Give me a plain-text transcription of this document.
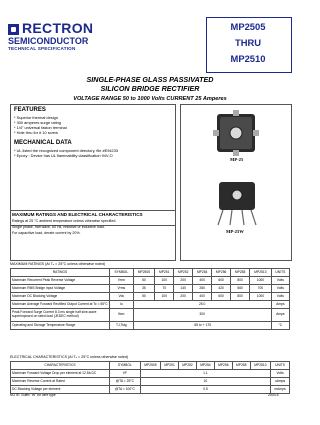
RECTRON
SEMICONDUCTOR
TECHNICAL SPECIFICATION
MP2505
THRU
MP2510
SINGLE-PHASE GLASS PASSIVATED
SILICON BRIDGE RECTIFIER
VOLTAGE RANGE 50 to 1000 Volts CURRENT 25 Amperes
FEATURES
* Superior thermal design
* 300 amperes surge rating
* 1/4" universal faston terminal
* Hole thru for # 10 screw
MECHANICAL DATA
* UL listed the recognized component directory, file #E94233
* Epoxy : Device has UL flammability classification 94V-O
MP-25
MP-25W
MAXIMUM RATINGS AND ELECTRICAL CHARACTERISTICS
Ratings at 25 °C ambient temperature unless otherwise specified.
Single phase, half wave, 60 Hz, resistive or inductive load.
For capacitive load, derate current by 20%.
MAXIMUM RATINGS (At Tₐ = 25°C unless otherwise noted)
RATINGS	SYMBOL	MP2505	MP251	MP252	MP254	MP256	MP258	MP2510	UNITS
Maximum Recurrent Peak Reverse Voltage	Vrrm	50	100	200	400	600	800	1000	Volts
Maximum RMS Bridge Input Voltage	Vrms	35	70	140	280	420	560	700	Volts
Maximum DC Blocking Voltage	Vdc	50	100	200	400	600	800	1000	Volts
Maximum Average Forward Rectified Output Current at Tc = 55°C	Io	25.0							Amps
Peak Forward Surge Current 8.3 ms single half sine-wave superimposed on rated load (JEDEC method)	Ifsm	300							Amps
Operating and Storage Temperature Range	TJ,Tstg	-55 to + 175							°C
ELECTRICAL CHARACTERISTICS (At Tₐ = 25°C unless otherwise noted)
CHARACTERISTICS	SYMBOL	MP2505	MP251	MP252	MP254	MP256	MP258	MP2510	UNITS
Maximum Forward Voltage Drop per element at 12.5A DC	VF	1.1							Volts
Maximum Reverse Current at Rated	@TA = 25°C	10							uAmps
DC Blocking Voltage per element	@TA = 100°C	0.5							mAmps
NOTE: Suffix "W" for wire type	2003-5
